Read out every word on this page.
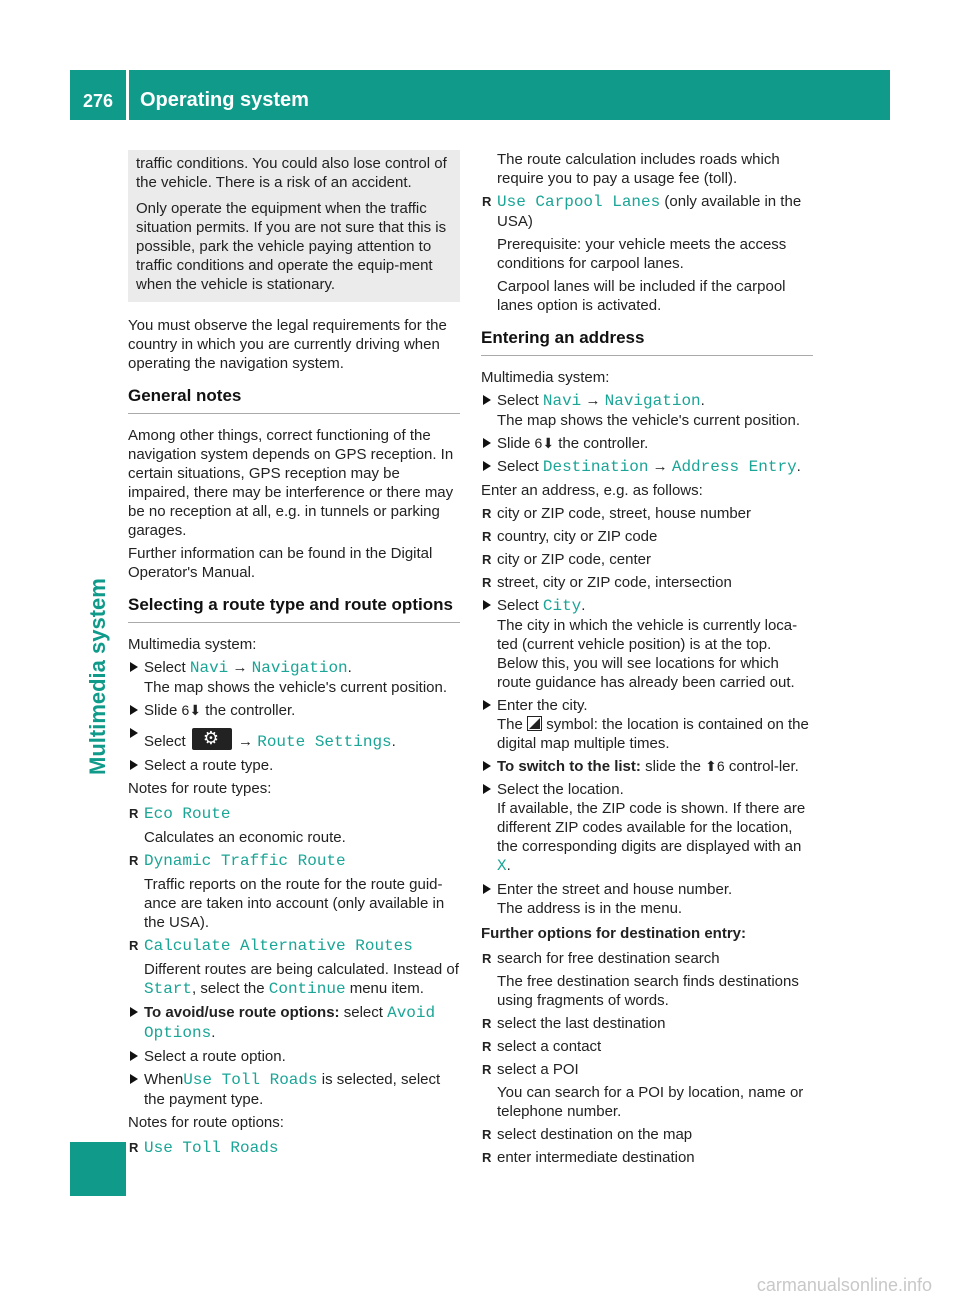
276	Operating system
Multimedia system

traffic conditions. You could also lose control of the vehicle. There is a risk of an accident.

Only operate the equipment when the traffic situation permits. If you are not sure that this is possible, park the vehicle paying attention to traffic conditions and operate the equip-ment when the vehicle is stationary.

You must observe the legal requirements for the country in which you are currently driving when operating the navigation system.

General notes

Among other things, correct functioning of the navigation system depends on GPS reception. In certain situations, GPS reception may be impaired, there may be interference or there may be no reception at all, e.g. in tunnels or parking garages.

Further information can be found in the Digital Operator's Manual.

Selecting a route type and route options

Multimedia system:

Select Navi → Navigation.
The map shows the vehicle's current position.
Slide 6⬇ the controller.
Select ⚙	→ Route Settings.
Select a route type.

Notes for route types:

R Eco Route
Calculates an economic route.
R Dynamic Traffic Route
Traffic reports on the route for the route guid-ance are taken into account (only available in the USA).
R Calculate Alternative Routes
Different routes are being calculated. Instead of Start, select the Continue menu item.
To avoid/use route options: select Avoid
Options.
Select a route option.
WhenUse Toll Roads is selected, select the payment type.

Notes for route options:

R Use Toll Roads
The route calculation includes roads which require you to pay a usage fee (toll).
R Use Carpool Lanes (only available in the USA)
Prerequisite: your vehicle meets the access conditions for carpool lanes.
Carpool lanes will be included if the carpool lanes option is activated.
Entering an address

Multimedia system:

Select Navi → Navigation.
The map shows the vehicle's current position.
Slide 6⬇ the controller.
Select Destination → Address Entry.

Enter an address, e.g. as follows:

R city or ZIP code, street, house number
R country, city or ZIP code
R city or ZIP code, center
R street, city or ZIP code, intersection
Select City.
The city in which the vehicle is currently loca-ted (current vehicle position) is at the top. Below this, you will see locations for which route guidance has already been carried out.
Enter the city.
The symbol: the location is contained on the digital map multiple times.
To switch to the list: slide the ⬆6 control-ler.
Select the location.
If available, the ZIP code is shown. If there are different ZIP codes available for the location, the corresponding digits are displayed with an
X.
Enter the street and house number.
The address is in the menu.

Further options for destination entry:

R search for free destination search
The free destination search finds destinations using fragments of words.
R select the last destination
R select a contact
R select a POI
You can search for a POI by location, name or telephone number.
R select destination on the map
R enter intermediate destination
carmanualsonline.info
